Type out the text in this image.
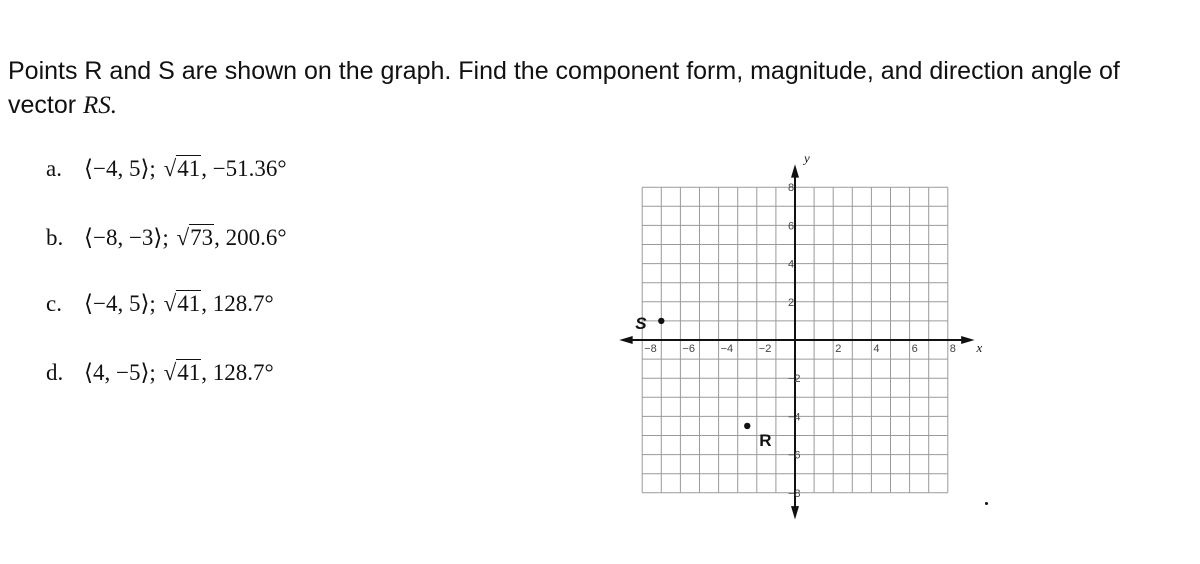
Points R and S are shown on the graph. Find the component form, magnitude, and direction angle of vector RS.
a. ⟨−4, 5⟩; √41, −51.36°
b. ⟨−8, −3⟩; √73, 200.6°
c. ⟨−4, 5⟩; √41, 128.7°
d. ⟨4, −5⟩; √41, 128.7°
−8 −6 −4 −2	2	4	6	8
8
6
4
2
−2
−4
−6
−8
x
y
S
R
